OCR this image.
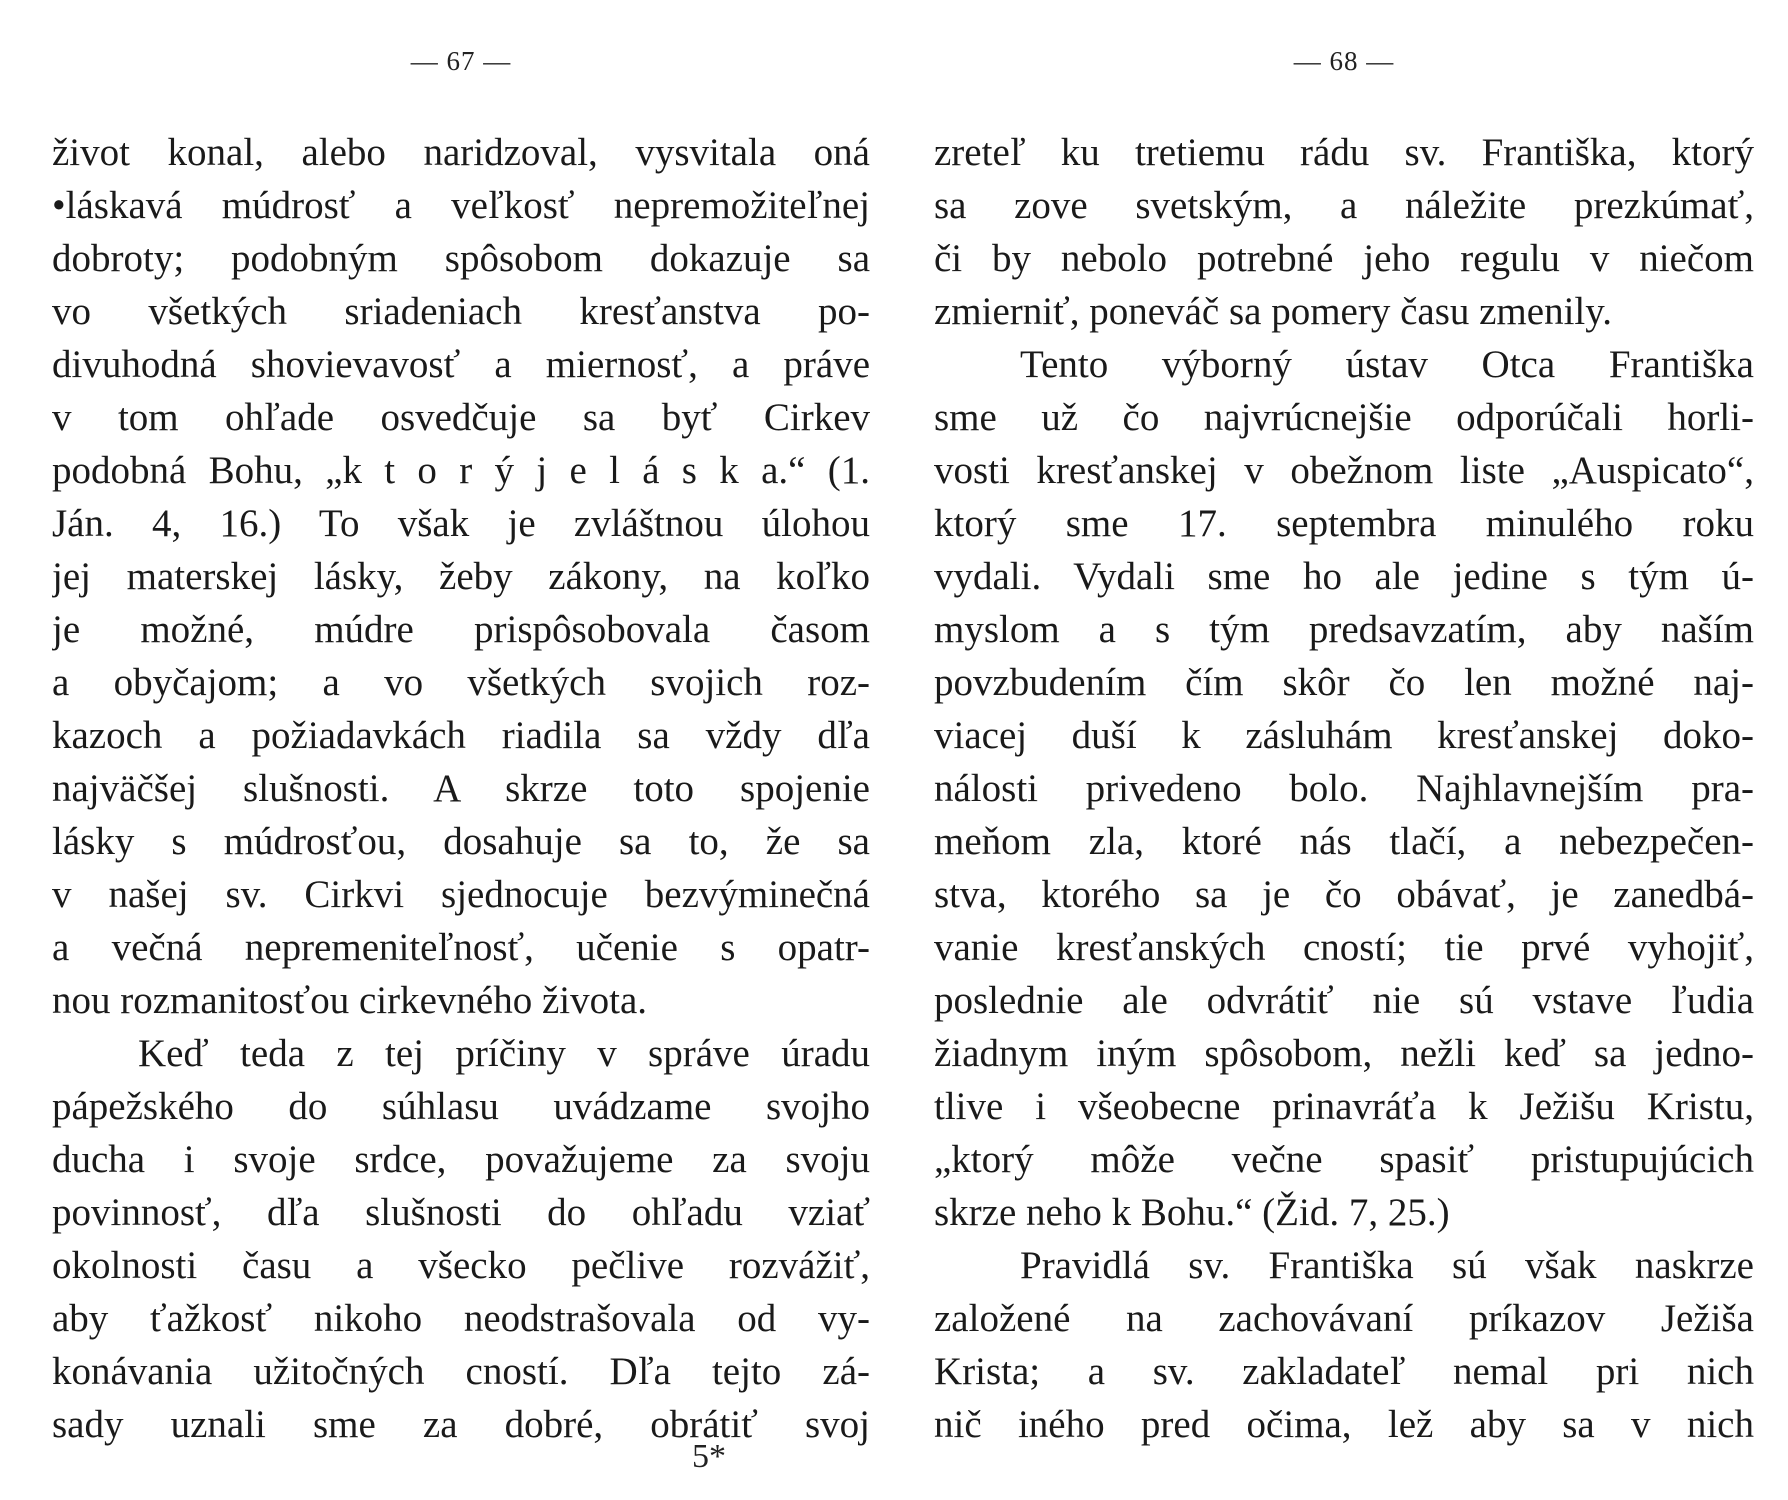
— 67 —
život konal, alebo naridzoval, vysvitala oná
•láskavá múdrosť a veľkosť nepremožiteľnej
dobroty; podobným spôsobom dokazuje sa
vo všetkých sriadeniach kresťanstva po-
divuhodná shovievavosť a miernosť, a práve
v tom ohľade osvedčuje sa byť Cirkev
podobná Bohu, „k t o r ý j e l á s k a.“ (1.
Ján. 4, 16.) To však je zvláštnou úlohou
jej materskej lásky, žeby zákony, na koľko
je možné, múdre prispôsobovala časom
a obyčajom; a vo všetkých svojich roz-
kazoch a požiadavkách riadila sa vždy dľa
najväčšej slušnosti. A skrze toto spojenie
lásky s múdrosťou, dosahuje sa to, že sa
v našej sv. Cirkvi sjednocuje bezvýminečná
a večná nepremeniteľnosť, učenie s opatr-
nou rozmanitosťou cirkevného života.
Keď teda z tej príčiny v správe úradu
pápežského do súhlasu uvádzame svojho
ducha i svoje srdce, považujeme za svoju
povinnosť, dľa slušnosti do ohľadu vziať
okolnosti času a všecko pečlive rozvážiť,
aby ťažkosť nikoho neodstrašovala od vy-
konávania užitočných cností. Dľa tejto zá-
sady uznali sme za dobré, obrátiť svoj
5*
— 68 —
zreteľ ku tretiemu rádu sv. Františka, ktorý
sa zove svetským, a náležite prezkúmať,
či by nebolo potrebné jeho regulu v niečom
zmierniť, poneváč sa pomery času zmenily.
Tento výborný ústav Otca Františka
sme už čo najvrúcnejšie odporúčali horli-
vosti kresťanskej v obežnom liste „Auspicato“,
ktorý sme 17. septembra minulého roku
vydali. Vydali sme ho ale jedine s tým ú-
myslom a s tým predsavzatím, aby naším
povzbudením čím skôr čo len možné naj-
viacej duší k zásluhám kresťanskej doko-
nálosti privedeno bolo. Najhlavnejším pra-
meňom zla, ktoré nás tlačí, a nebezpečen-
stva, ktorého sa je čo obávať, je zanedbá-
vanie kresťanských cností; tie prvé vyhojiť,
poslednie ale odvrátiť nie sú vstave ľudia
žiadnym iným spôsobom, nežli keď sa jedno-
tlive i všeobecne prinavráťa k Ježišu Kristu,
„ktorý môže večne spasiť pristupujúcich
skrze neho k Bohu.“ (Žid. 7, 25.)
Pravidlá sv. Františka sú však naskrze
založené na zachovávaní príkazov Ježiša
Krista; a sv. zakladateľ nemal pri nich
nič iného pred očima, lež aby sa v nich
